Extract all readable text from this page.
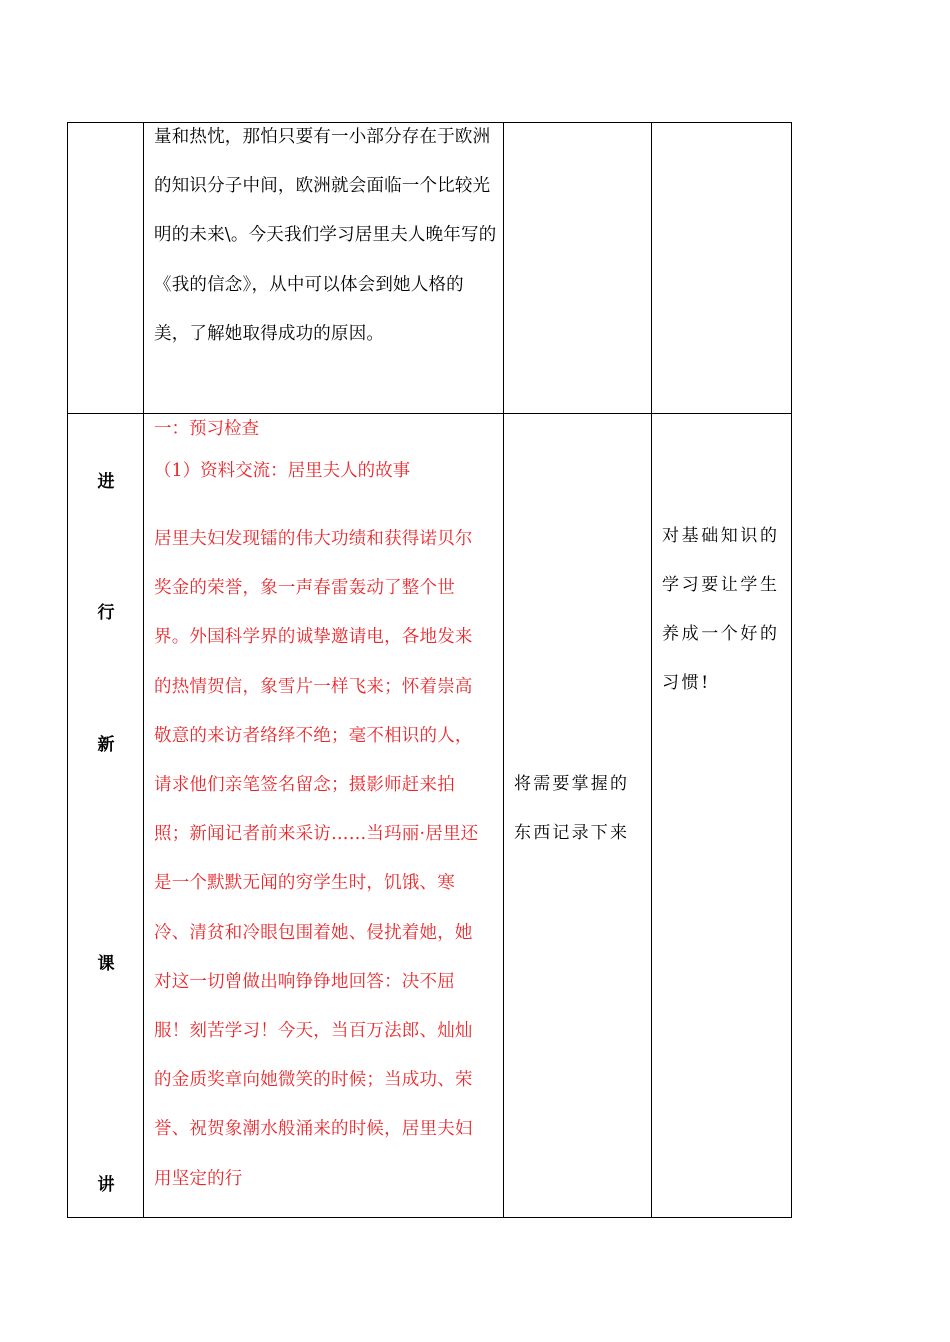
量和热忱，那怕只要有一小部分存在于欧洲的知识分子中间，欧洲就会面临一个比较光明的未来\。今天我们学习居里夫人晚年写的《我的信念》，从中可以体会到她人格的美，了解她取得成功的原因。

进
行
新
课
讲

一：预习检查

（1）资料交流：居里夫人的故事

居里夫妇发现镭的伟大功绩和获得诺贝尔奖金的荣誉，象一声春雷轰动了整个世界。外国科学界的诚挚邀请电，各地发来的热情贺信，象雪片一样飞来；怀着崇高敬意的来访者络绎不绝；毫不相识的人，请求他们亲笔签名留念；摄影师赶来拍照；新闻记者前来采访……当玛丽·居里还是一个默默无闻的穷学生时，饥饿、寒冷、清贫和冷眼包围着她、侵扰着她，她对这一切曾做出响铮铮地回答：决不屈服！刻苦学习！今天，当百万法郎、灿灿的金质奖章向她微笑的时候；当成功、荣誉、祝贺象潮水般涌来的时候，居里夫妇用坚定的行

将需要掌握的东西记录下来

对基础知识的学习要让学生养成一个好的习惯!
